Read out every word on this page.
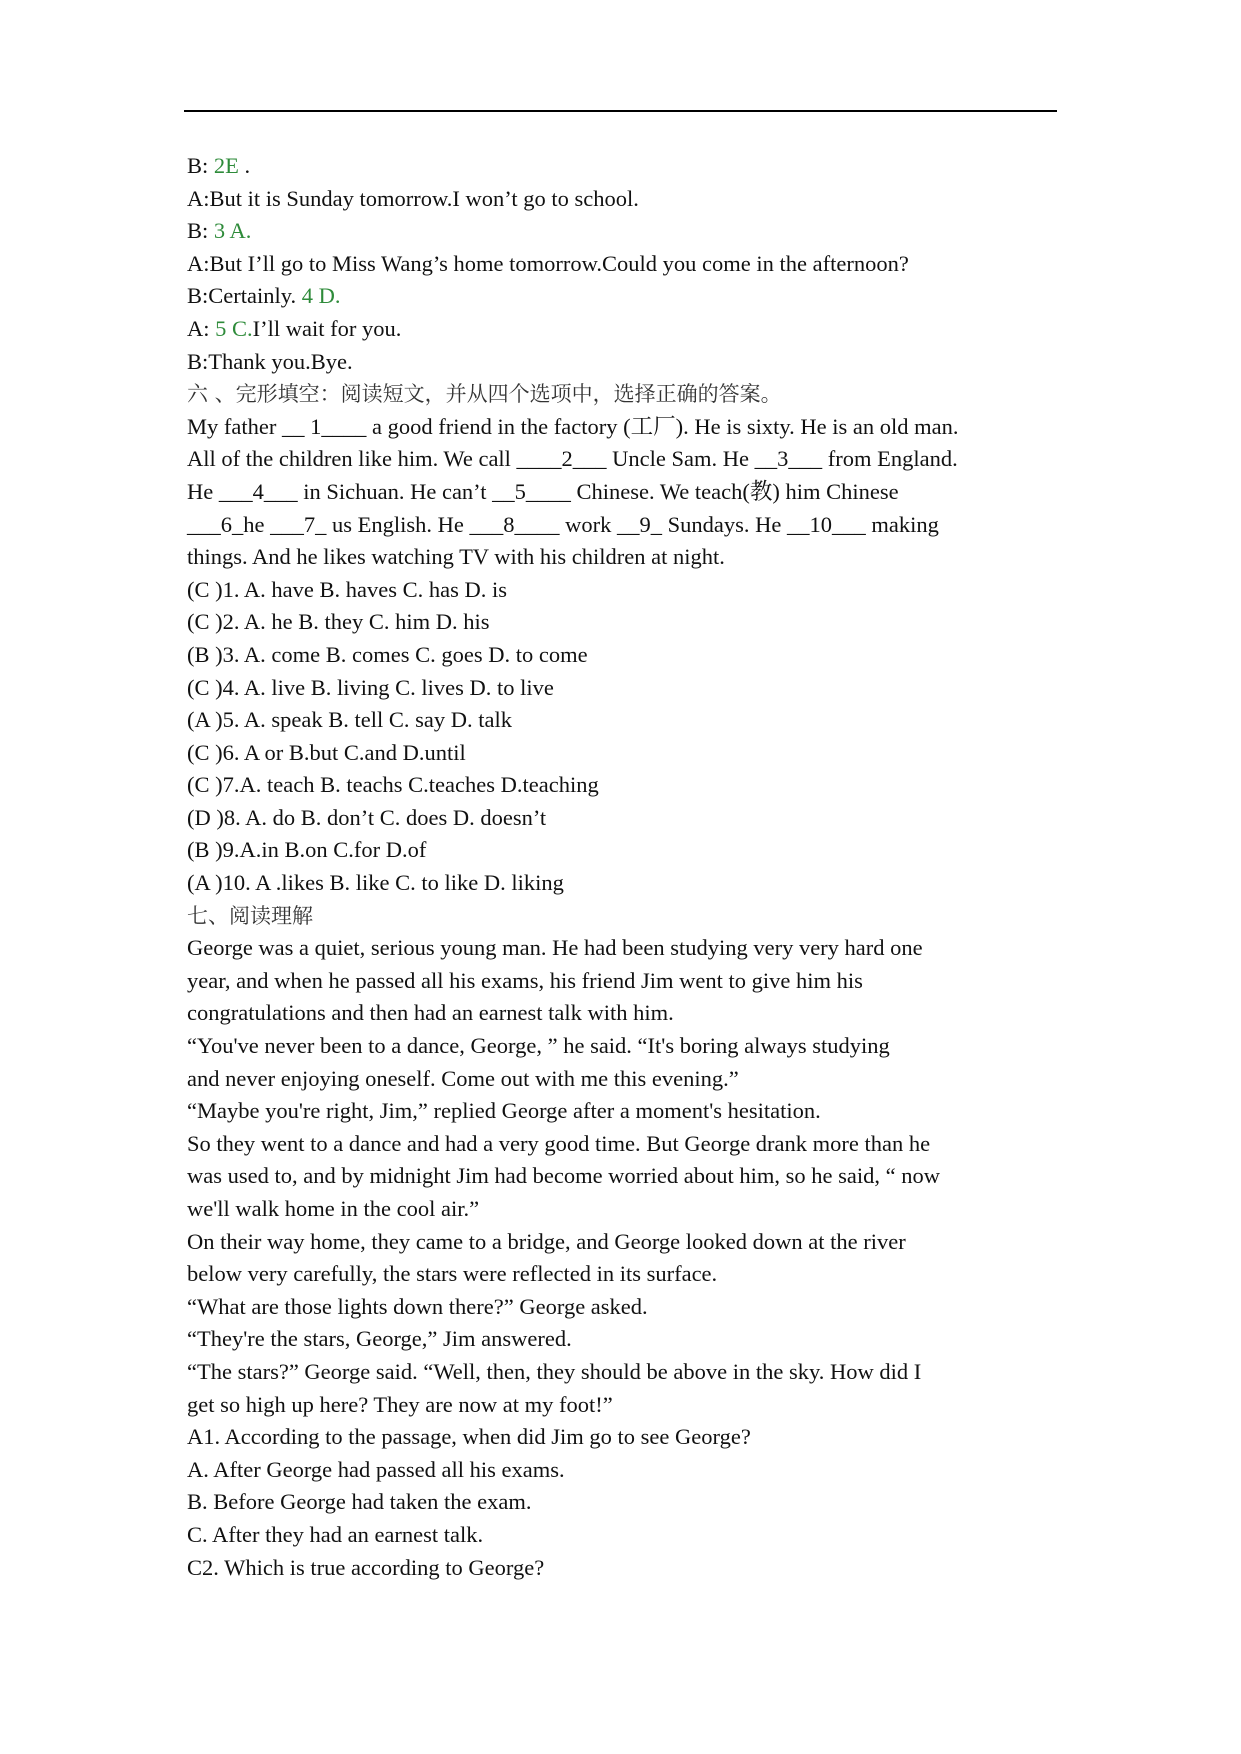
B: 2E .
A:But it is Sunday tomorrow.I won’t go to school.
B: 3 A.
A:But I’ll go to Miss Wang’s home tomorrow.Could you come in the afternoon?
B:Certainly. 4 D.
A: 5 C.I’ll wait for you.
B:Thank you.Bye.
六 、完形填空：阅读短文，并从四个选项中，选择正确的答案。
My father __ 1____ a good friend in the factory (工厂). He is sixty. He is an old man.
All of the children like him. We call ____2___ Uncle Sam. He __3___ from England.
He ___4___ in Sichuan. He can’t __5____ Chinese. We teach(教) him Chinese
___6_he ___7_ us English. He ___8____ work __9_ Sundays. He __10___ making
things. And he likes watching TV with his children at night.
(C )1. A. have B. haves C. has D. is
(C )2. A. he B. they C. him D. his
(B )3. A. come B. comes C. goes D. to come
(C )4. A. live B. living C. lives D. to live
(A )5. A. speak B. tell C. say D. talk
(C )6. A or B.but C.and D.until
(C )7.A. teach B. teachs C.teaches D.teaching
(D )8. A. do B. don’t C. does D. doesn’t
(B )9.A.in B.on C.for D.of
(A )10. A .likes B. like C. to like D. liking
七、阅读理解
George was a quiet, serious young man. He had been studying very very hard one
year, and when he passed all his exams, his friend Jim went to give him his
congratulations and then had an earnest talk with him.
“You've never been to a dance, George, ” he said. “It's boring always studying
and never enjoying oneself. Come out with me this evening.”
“Maybe you're right, Jim,” replied George after a moment's hesitation.
So they went to a dance and had a very good time. But George drank more than he
was used to, and by midnight Jim had become worried about him, so he said, “ now
we'll walk home in the cool air.”
On their way home, they came to a bridge, and George looked down at the river
below very carefully, the stars were reflected in its surface.
“What are those lights down there?” George asked.
“They're the stars, George,” Jim answered.
“The stars?” George said. “Well, then, they should be above in the sky. How did I
get so high up here? They are now at my foot!”
A1. According to the passage, when did Jim go to see George?
A. After George had passed all his exams.
B. Before George had taken the exam.
C. After they had an earnest talk.
C2. Which is true according to George?
